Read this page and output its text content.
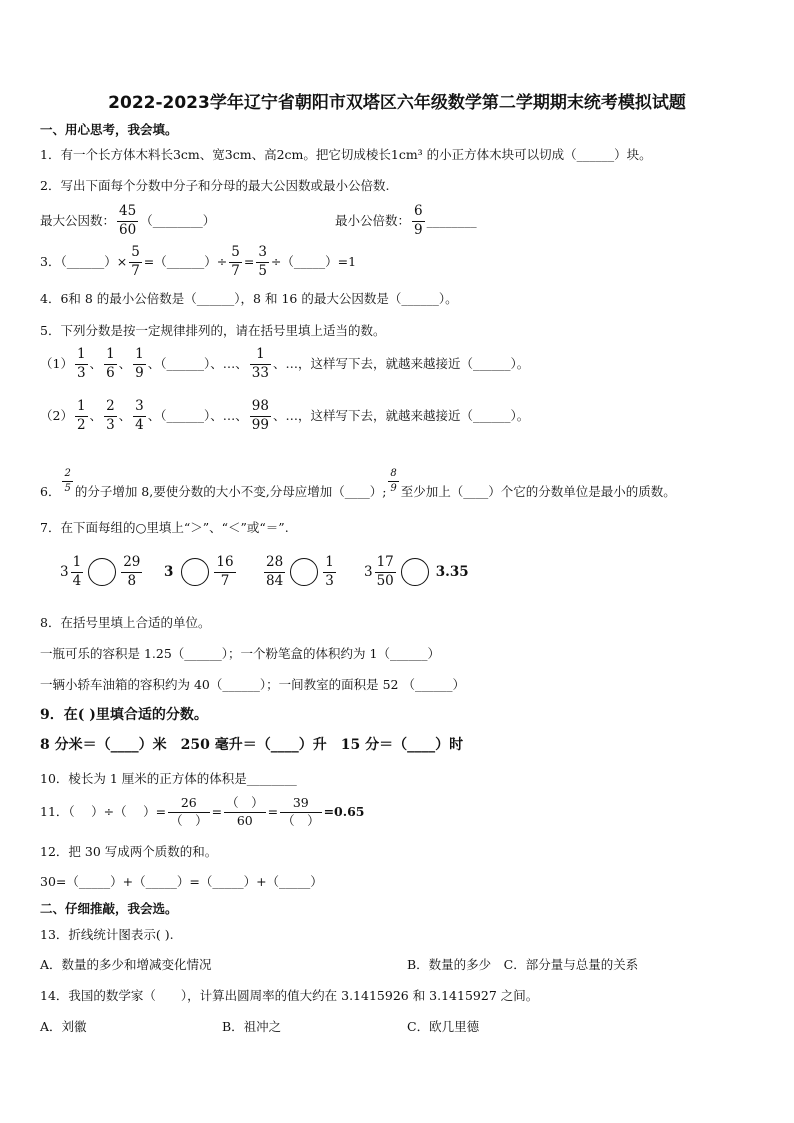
2022-2023学年辽宁省朝阳市双塔区六年级数学第二学期期末统考模拟试题
一、用心思考，我会填。
1．有一个长方体木料长3cm、宽3cm、高2cm。把它切成棱长1cm³ 的小正方体木块可以切成（______）块。
2．写出下面每个分数中分子和分母的最大公因数或最小公倍数.
最大公因数： $\frac{45}{60}$ （________）	最小公倍数： $\frac{6}{9}$ ________
3．（______）× $\frac{5}{7}$ =（______）÷ $\frac{5}{7} = \frac{3}{5}$ ÷（_____）=1
4．6和 8 的最小公倍数是（______），8 和 16 的最大公因数是（______）。
5．下列分数是按一定规律排列的，请在括号里填上适当的数。
$(1) \frac{1}{3}$ 、 $\frac{1}{6}$ 、 $\frac{1}{9}$ 、（______）、…、 $\frac{1}{33}$ 、…，这样写下去，就越来越接近（______）。
$(2) \frac{1}{2}$ 、 $\frac{2}{3}$ 、 $\frac{3}{4}$ 、（______）、…、 $\frac{98}{99}$ 、…，这样写下去，就越来越接近（______）。
6． $\frac{2}{5}$ 的分子增加 8,要使分数的大小不变,分母应增加（____）; $\frac{8}{9}$ 至少加上（____）个它的分数单位是最小的质数。
7．在下面每组的○里填上“＞”、“＜”或“＝”.
$3 \frac{1}{4}$	$\frac{29}{8} 3$	$\frac{16}{7} \frac{28}{84}$	$\frac{1}{3} 3 \frac{17}{50}$	3.35
8．在括号里填上合适的单位。
一瓶可乐的容积是 1.25（______）；一个粉笔盒的体积约为 1（______）
一辆小轿车油箱的容积约为 40（______）；一间教室的面积是 52 （______）
9．在( )里填合适的分数。
8 分米＝（____）米　250 毫升＝（____）升　15 分＝（____）时
10．棱长为 1 厘米的正方体的体积是________
11．（　 ）÷（　 ）=
26
（　）
=
（　）
60
=
39
（　）
=0.65
12．把 30 写成两个质数的和。
30=（_____）+（_____）=（_____）+（_____）
二、仔细推敲，我会选。
13．折线统计图表示( ).
A．数量的多少和增减变化情况	B．数量的多少　C．部分量与总量的关系
14．我国的数学家（　　），计算出圆周率的值大约在 3.1415926 和 3.1415927 之间。
A．刘徽	B．祖冲之	C．欧几里德
